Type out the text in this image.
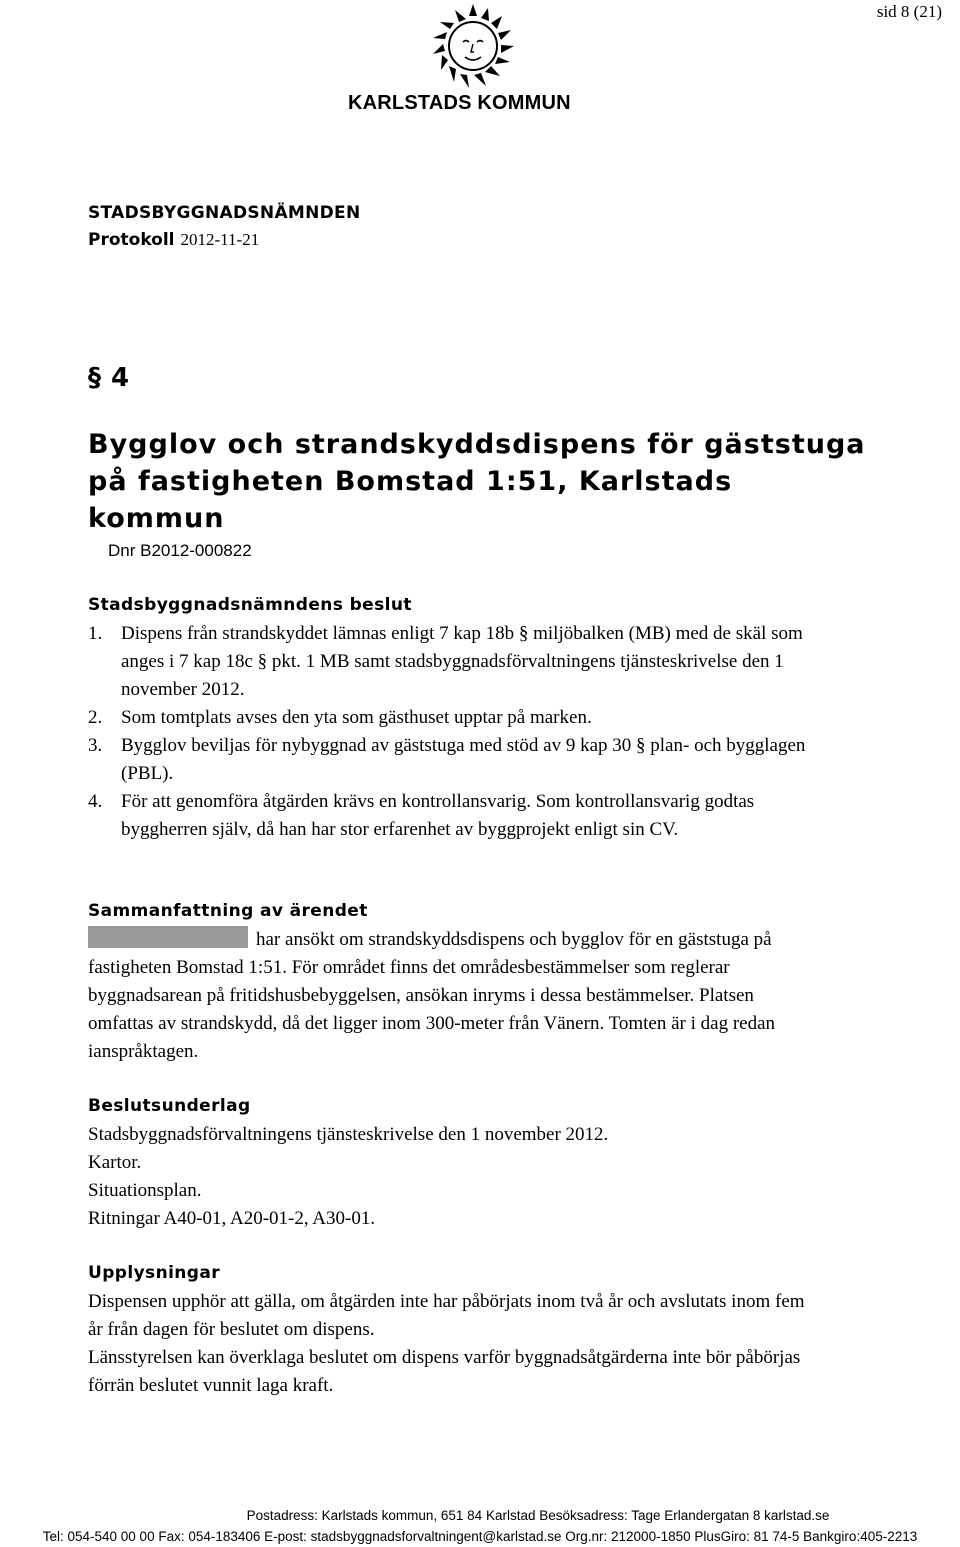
sid 8 (21)
KARLSTADS KOMMUN
STADSBYGGNADSNÄMNDEN
Protokoll 2012-11-21
§ 4
Bygglov och strandskyddsdispens för gäststuga på fastigheten Bomstad 1:51, Karlstads kommun
Dnr B2012-000822
Stadsbyggnadsnämndens beslut
1. Dispens från strandskyddet lämnas enligt 7 kap 18b § miljöbalken (MB) med de skäl som anges i 7 kap 18c § pkt. 1 MB samt stadsbyggnadsförvaltningens tjänsteskrivelse den 1 november 2012.
2. Som tomtplats avses den yta som gästhuset upptar på marken.
3. Bygglov beviljas för nybyggnad av gäststuga med stöd av 9 kap 30 § plan- och bygglagen (PBL).
4. För att genomföra åtgärden krävs en kontrollansvarig. Som kontrollansvarig godtas byggherren själv, då han har stor erfarenhet av byggprojekt enligt sin CV.
Sammanfattning av ärendet

har ansökt om strandskyddsdispens och bygglov för en gäststuga på fastigheten Bomstad 1:51. För området finns det områdesbestämmelser som reglerar byggnadsarean på fritidshusbebyggelsen, ansökan inryms i dessa bestämmelser. Platsen omfattas av strandskydd, då det ligger inom 300-meter från Vänern. Tomten är i dag redan ianspråktagen.

Beslutsunderlag
Stadsbyggnadsförvaltningens tjänsteskrivelse den 1 november 2012.
Kartor.
Situationsplan.
Ritningar A40-01, A20-01-2, A30-01.
Upplysningar
Dispensen upphör att gälla, om åtgärden inte har påbörjats inom två år och avslutats inom fem år från dagen för beslutet om dispens.
Länsstyrelsen kan överklaga beslutet om dispens varför byggnadsåtgärderna inte bör påbörjas förrän beslutet vunnit laga kraft.
Postadress: Karlstads kommun, 651 84 Karlstad Besöksadress: Tage Erlandergatan 8 karlstad.se
Tel: 054-540 00 00 Fax: 054-183406 E-post: stadsbyggnadsforvaltningent@karlstad.se Org.nr: 212000-1850 PlusGiro: 81 74-5 Bankgiro:405-2213
